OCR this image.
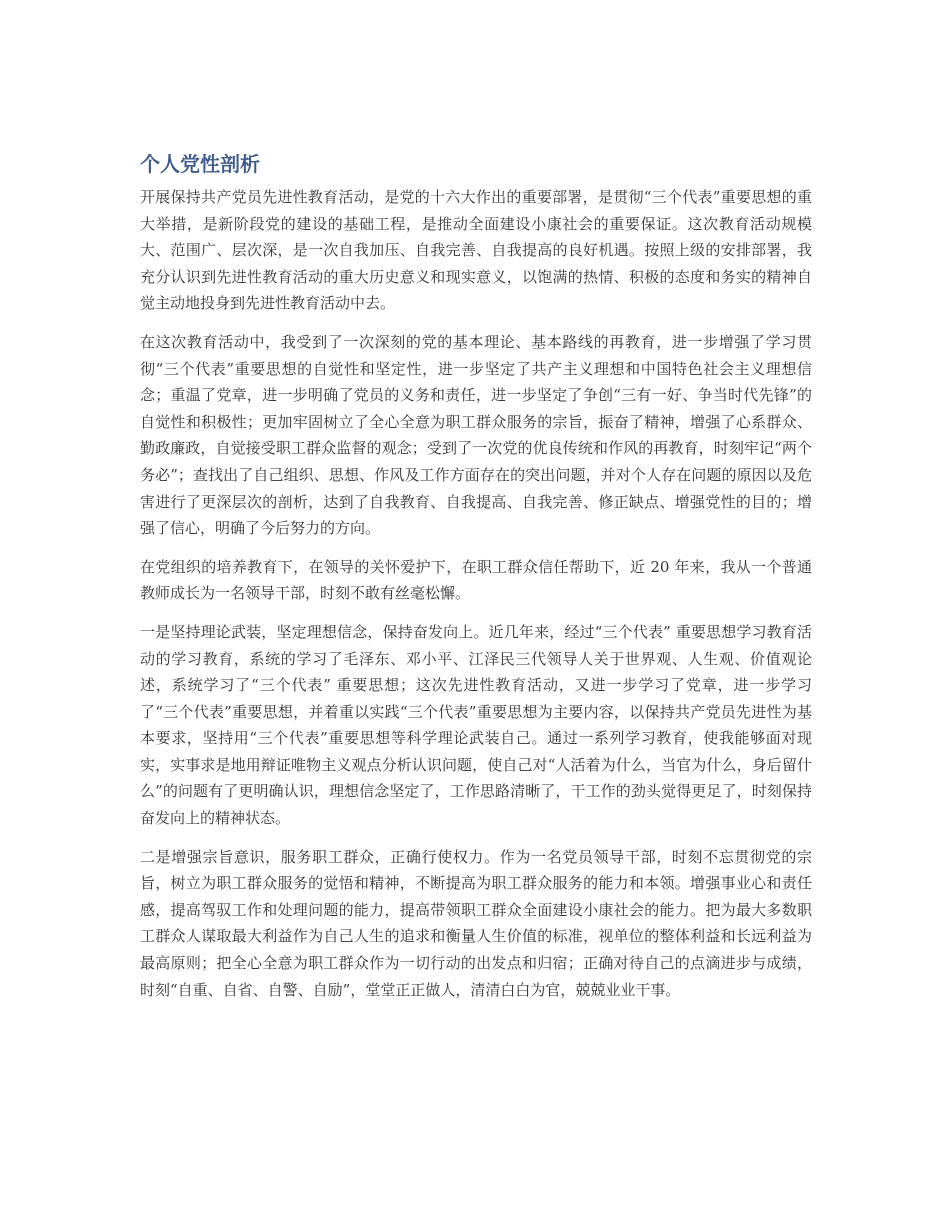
个人党性剖析

开展保持共产党员先进性教育活动，是党的十六大作出的重要部署，是贯彻“三个代表”重要思想的重大举措，是新阶段党的建设的基础工程，是推动全面建设小康社会的重要保证。这次教育活动规模大、范围广、层次深，是一次自我加压、自我完善、自我提高的良好机遇。按照上级的安排部署，我充分认识到先进性教育活动的重大历史意义和现实意义，以饱满的热情、积极的态度和务实的精神自觉主动地投身到先进性教育活动中去。

在这次教育活动中，我受到了一次深刻的党的基本理论、基本路线的再教育，进一步增强了学习贯彻“三个代表”重要思想的自觉性和坚定性，进一步坚定了共产主义理想和中国特色社会主义理想信念；重温了党章，进一步明确了党员的义务和责任，进一步坚定了争创“三有一好、争当时代先锋”的自觉性和积极性；更加牢固树立了全心全意为职工群众服务的宗旨，振奋了精神，增强了心系群众、勤政廉政，自觉接受职工群众监督的观念；受到了一次党的优良传统和作风的再教育，时刻牢记“两个务必”；查找出了自己组织、思想、作风及工作方面存在的突出问题，并对个人存在问题的原因以及危害进行了更深层次的剖析，达到了自我教育、自我提高、自我完善、修正缺点、增强党性的目的；增强了信心，明确了今后努力的方向。

在党组织的培养教育下，在领导的关怀爱护下，在职工群众信任帮助下，近 20 年来，我从一个普通教师成长为一名领导干部，时刻不敢有丝毫松懈。

一是坚持理论武装，坚定理想信念，保持奋发向上。近几年来，经过“三个代表” 重要思想学习教育活动的学习教育，系统的学习了毛泽东、邓小平、江泽民三代领导人关于世界观、人生观、价值观论述，系统学习了“三个代表” 重要思想；这次先进性教育活动，又进一步学习了党章，进一步学习了“三个代表”重要思想，并着重以实践“三个代表”重要思想为主要内容，以保持共产党员先进性为基本要求，坚持用“三个代表”重要思想等科学理论武装自己。通过一系列学习教育，使我能够面对现实，实事求是地用辩证唯物主义观点分析认识问题，使自己对“人活着为什么，当官为什么，身后留什么”的问题有了更明确认识，理想信念坚定了，工作思路清晰了，干工作的劲头觉得更足了，时刻保持奋发向上的精神状态。

二是增强宗旨意识，服务职工群众，正确行使权力。作为一名党员领导干部，时刻不忘贯彻党的宗旨，树立为职工群众服务的觉悟和精神，不断提高为职工群众服务的能力和本领。增强事业心和责任感，提高驾驭工作和处理问题的能力，提高带领职工群众全面建设小康社会的能力。把为最大多数职工群众人谋取最大利益作为自己人生的追求和衡量人生价值的标准，视单位的整体利益和长远利益为最高原则；把全心全意为职工群众作为一切行动的出发点和归宿；正确对待自己的点滴进步与成绩，时刻“自重、自省、自警、自励”，堂堂正正做人，清清白白为官，兢兢业业干事。
